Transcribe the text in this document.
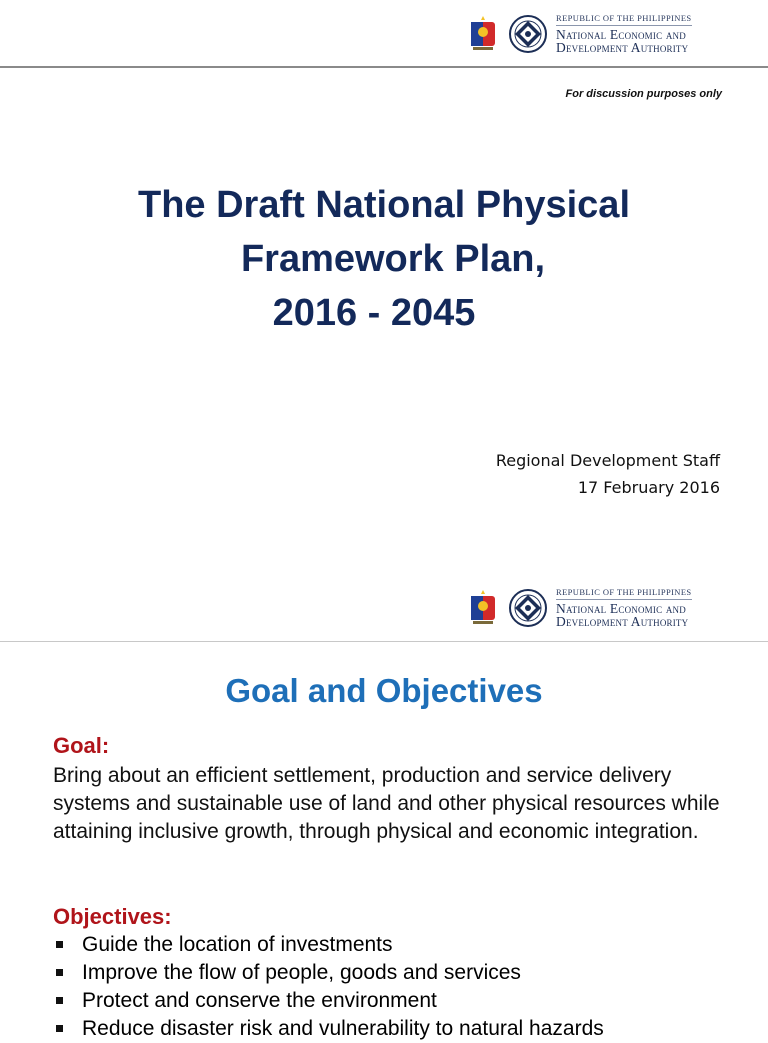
REPUBLIC OF THE PHILIPPINES
National Economic and
Development Authority
For discussion purposes only
The Draft National Physical
Framework Plan,
2016 - 2045
Regional Development Staff
17 February 2016
REPUBLIC OF THE PHILIPPINES
National Economic and
Development Authority
Goal and Objectives
Goal:
Bring about an efficient settlement, production and service delivery systems and sustainable use of land and other physical resources while attaining inclusive growth, through physical and economic integration.
Objectives:
Guide the location of investments
Improve the flow of people, goods and services
Protect and conserve the environment
Reduce disaster risk and vulnerability to natural hazards
